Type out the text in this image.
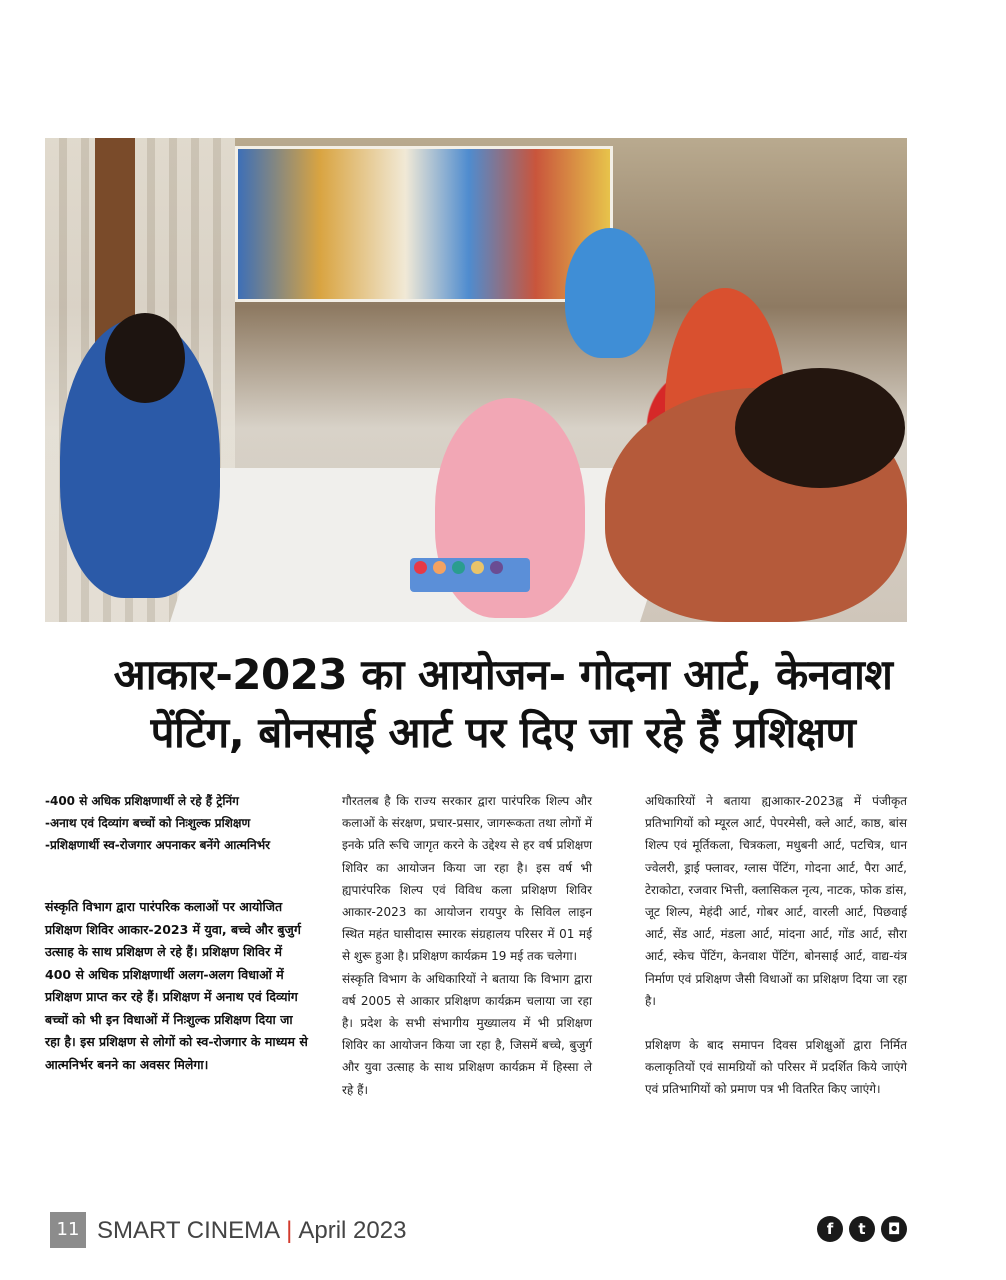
आकार-2023 का आयोजन- गोदना आर्ट, केनवाश
पेंटिंग, बोनसाई आर्ट पर दिए जा रहे हैं प्रशिक्षण

-400 से अधिक प्रशिक्षणार्थी ले रहे हैं ट्रेनिंग

-अनाथ एवं दिव्यांग बच्चों को निःशुल्क प्रशिक्षण

-प्रशिक्षणार्थी स्व-रोजगार अपनाकर बनेंगे आत्मनिर्भर

संस्कृति विभाग द्वारा पारंपरिक कलाओं पर आयोजित प्रशिक्षण शिविर आकार-2023 में युवा, बच्चे और बुजुर्ग उत्साह के साथ प्रशिक्षण ले रहे हैं। प्रशिक्षण शिविर में 400 से अधिक प्रशिक्षणार्थी अलग-अलग विधाओं में प्रशिक्षण प्राप्त कर रहे हैं। प्रशिक्षण में अनाथ एवं दिव्यांग बच्चों को भी इन विधाओं में निःशुल्क प्रशिक्षण दिया जा रहा है। इस प्रशिक्षण से लोगों को स्व-रोजगार के माध्यम से आत्मनिर्भर बनने का अवसर मिलेगा।

गौरतलब है कि राज्य सरकार द्वारा पारंपरिक शिल्प और कलाओं के संरक्षण, प्रचार-प्रसार, जागरूकता तथा लोगों में इनके प्रति रूचि जागृत करने के उद्देश्य से हर वर्ष प्रशिक्षण शिविर का आयोजन किया जा रहा है। इस वर्ष भी ह्यपारंपरिक शिल्प एवं विविध कला प्रशिक्षण शिविर आकार-2023 का आयोजन रायपुर के सिविल लाइन स्थित महंत घासीदास स्मारक संग्रहालय परिसर में 01 मई से शुरू हुआ है। प्रशिक्षण कार्यक्रम 19 मई तक चलेगा।

संस्कृति विभाग के अधिकारियों ने बताया कि विभाग द्वारा वर्ष 2005 से आकार प्रशिक्षण कार्यक्रम चलाया जा रहा है। प्रदेश के सभी संभागीय मुख्यालय में भी प्रशिक्षण शिविर का आयोजन किया जा रहा है, जिसमें बच्चे, बुजुर्ग और युवा उत्साह के साथ प्रशिक्षण कार्यक्रम में हिस्सा ले रहे हैं।

अधिकारियों ने बताया ह्यआकार-2023ह्व में पंजीकृत प्रतिभागियों को म्यूरल आर्ट, पेपरमेसी, क्ले आर्ट, काष्ठ, बांस शिल्प एवं मूर्तिकला, चित्रकला, मधुबनी आर्ट, पटचित्र, धान ज्वेलरी, ड्राई फ्लावर, ग्लास पेंटिंग, गोदना आर्ट, पैरा आर्ट, टेराकोटा, रजवार भित्ती, क्लासिकल नृत्य, नाटक, फोक डांस, जूट शिल्प, मेहंदी आर्ट, गोबर आर्ट, वारली आर्ट, पिछवाई आर्ट, सेंड आर्ट, मंडला आर्ट, मांदना आर्ट, गोंड आर्ट, सौरा आर्ट, स्केच पेंटिंग, केनवाश पेंटिंग, बोनसाई आर्ट, वाद्य-यंत्र निर्माण एवं प्रशिक्षण जैसी विधाओं का प्रशिक्षण दिया जा रहा है।

प्रशिक्षण के बाद समापन दिवस प्रशिक्षुओं द्वारा निर्मित कलाकृतियों एवं सामग्रियों को परिसर में प्रदर्शित किये जाएंगे एवं प्रतिभागियों को प्रमाण पत्र भी वितरित किए जाएंगे।

11 SMART CINEMA | April 2023	f	t	◘
